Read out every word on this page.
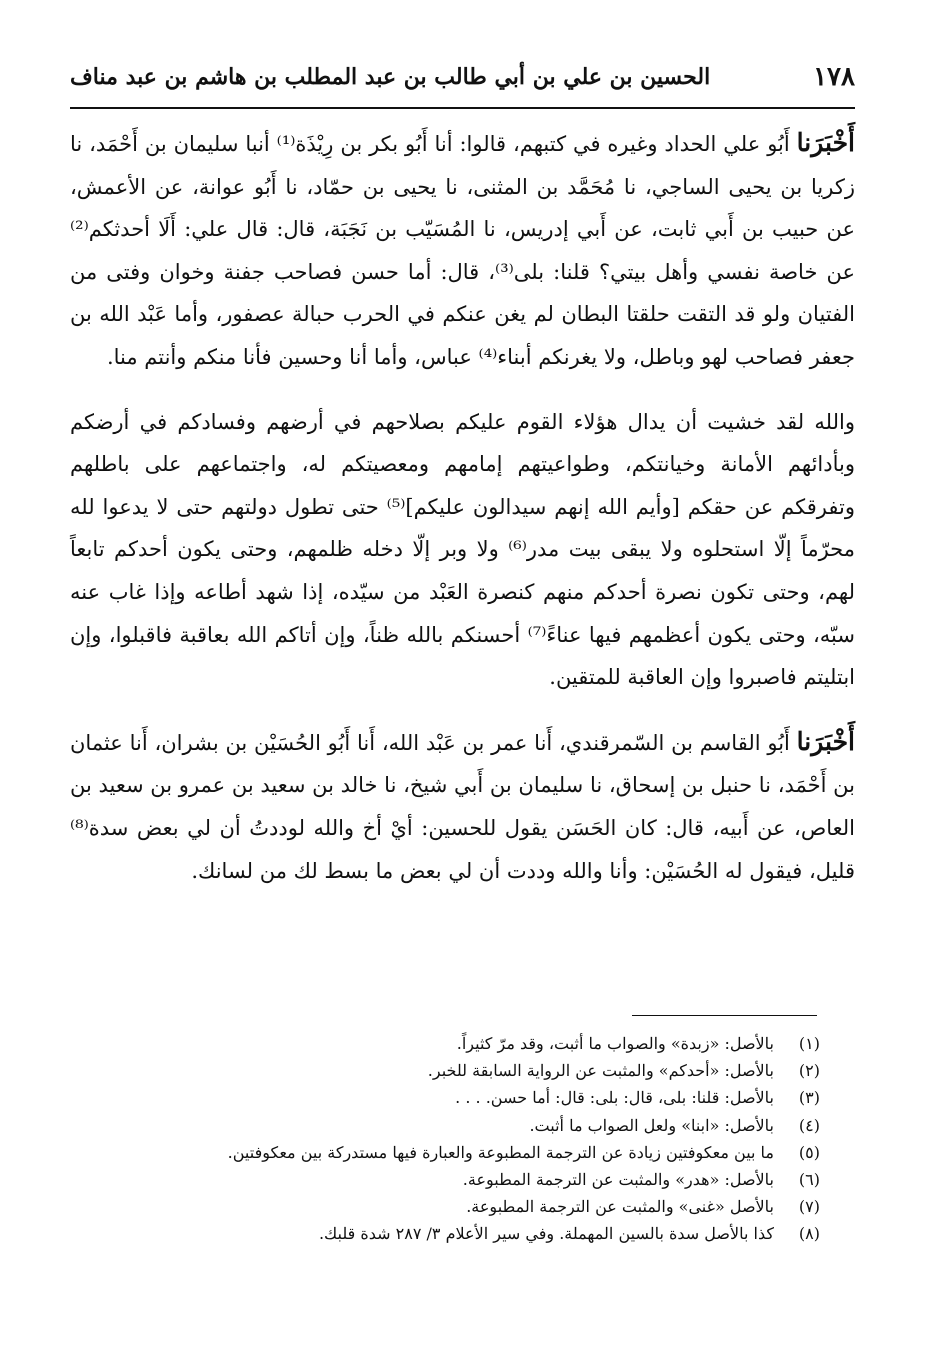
١٧٨
الحسين بن علي بن أبي طالب بن عبد المطلب بن هاشم بن عبد مناف

أَخْبَرَنا أَبُو علي الحداد وغيره في كتبهم، قالوا: أنا أَبُو بكر بن رِيْذَة⁽¹⁾ أنبا سليمان بن أَحْمَد، نا زكريا بن يحيى الساجي، نا مُحَمَّد بن المثنى، نا يحيى بن حمّاد، نا أَبُو عوانة، عن الأعمش، عن حبيب بن أَبي ثابت، عن أَبي إدريس، نا المُسَيّب بن نَجَبَة، قال: قال علي: أَلَا أحدثكم⁽²⁾ عن خاصة نفسي وأهل بيتي؟ قلنا: بلى⁽³⁾، قال: أما حسن فصاحب جفنة وخوان وفتى من الفتيان ولو قد التقت حلقتا البطان لم يغن عنكم في الحرب حبالة عصفور، وأما عَبْد الله بن جعفر فصاحب لهو وباطل، ولا يغرنكم أبناء⁽⁴⁾ عباس، وأما أنا وحسين فأنا منكم وأنتم منا.

والله لقد خشيت أن يدال هؤلاء القوم عليكم بصلاحهم في أرضهم وفسادكم في أرضكم وبأدائهم الأمانة وخيانتكم، وطواعيتهم إمامهم ومعصيتكم له، واجتماعهم على باطلهم وتفرقكم عن حقكم [وأيم الله إنهم سيدالون عليكم]⁽⁵⁾ حتى تطول دولتهم حتى لا يدعوا لله محرّماً إلّا استحلوه ولا يبقى بيت مدر⁽⁶⁾ ولا وبر إلّا دخله ظلمهم، وحتى يكون أحدكم تابعاً لهم، وحتى تكون نصرة أحدكم منهم كنصرة العَبْد من سيّده، إذا شهد أطاعه وإذا غاب عنه سبّه، وحتى يكون أعظمهم فيها عناءً⁽⁷⁾ أحسنكم بالله ظناً، وإن أتاكم الله بعاقبة فاقبلوا، وإن ابتليتم فاصبروا وإن العاقبة للمتقين.

أَخْبَرَنا أَبُو القاسم بن السّمرقندي، أَنا عمر بن عَبْد الله، أَنا أَبُو الحُسَيْن بن بشران، أَنا عثمان بن أَحْمَد، نا حنبل بن إسحاق، نا سليمان بن أَبي شيخ، نا خالد بن سعيد بن عمرو بن سعيد بن العاص، عن أَبيه، قال: كان الحَسَن يقول للحسين: أيْ أخ والله لوددتُ أن لي بعض سدة⁽⁸⁾ قليل، فيقول له الحُسَيْن: وأنا والله وددت أن لي بعض ما بسط لك من لسانك.

(١)
بالأصل: «زبدة» والصواب ما أثبت، وقد مرّ كثيراً.
(٢)
بالأصل: «أحدكم» والمثبت عن الرواية السابقة للخبر.
(٣)
بالأصل: قلنا: بلى، قال: بلى: قال: أما حسن. . . .
(٤)
بالأصل: «ابنا» ولعل الصواب ما أثبت.
(٥)
ما بين معكوفتين زيادة عن الترجمة المطبوعة والعبارة فيها مستدركة بين معكوفتين.
(٦)
بالأصل: «هدر» والمثبت عن الترجمة المطبوعة.
(٧)
بالأصل «غنى» والمثبت عن الترجمة المطبوعة.
(٨)
كذا بالأصل سدة بالسين المهملة. وفي سير الأعلام ٣/ ٢٨٧ شدة قلبك.
